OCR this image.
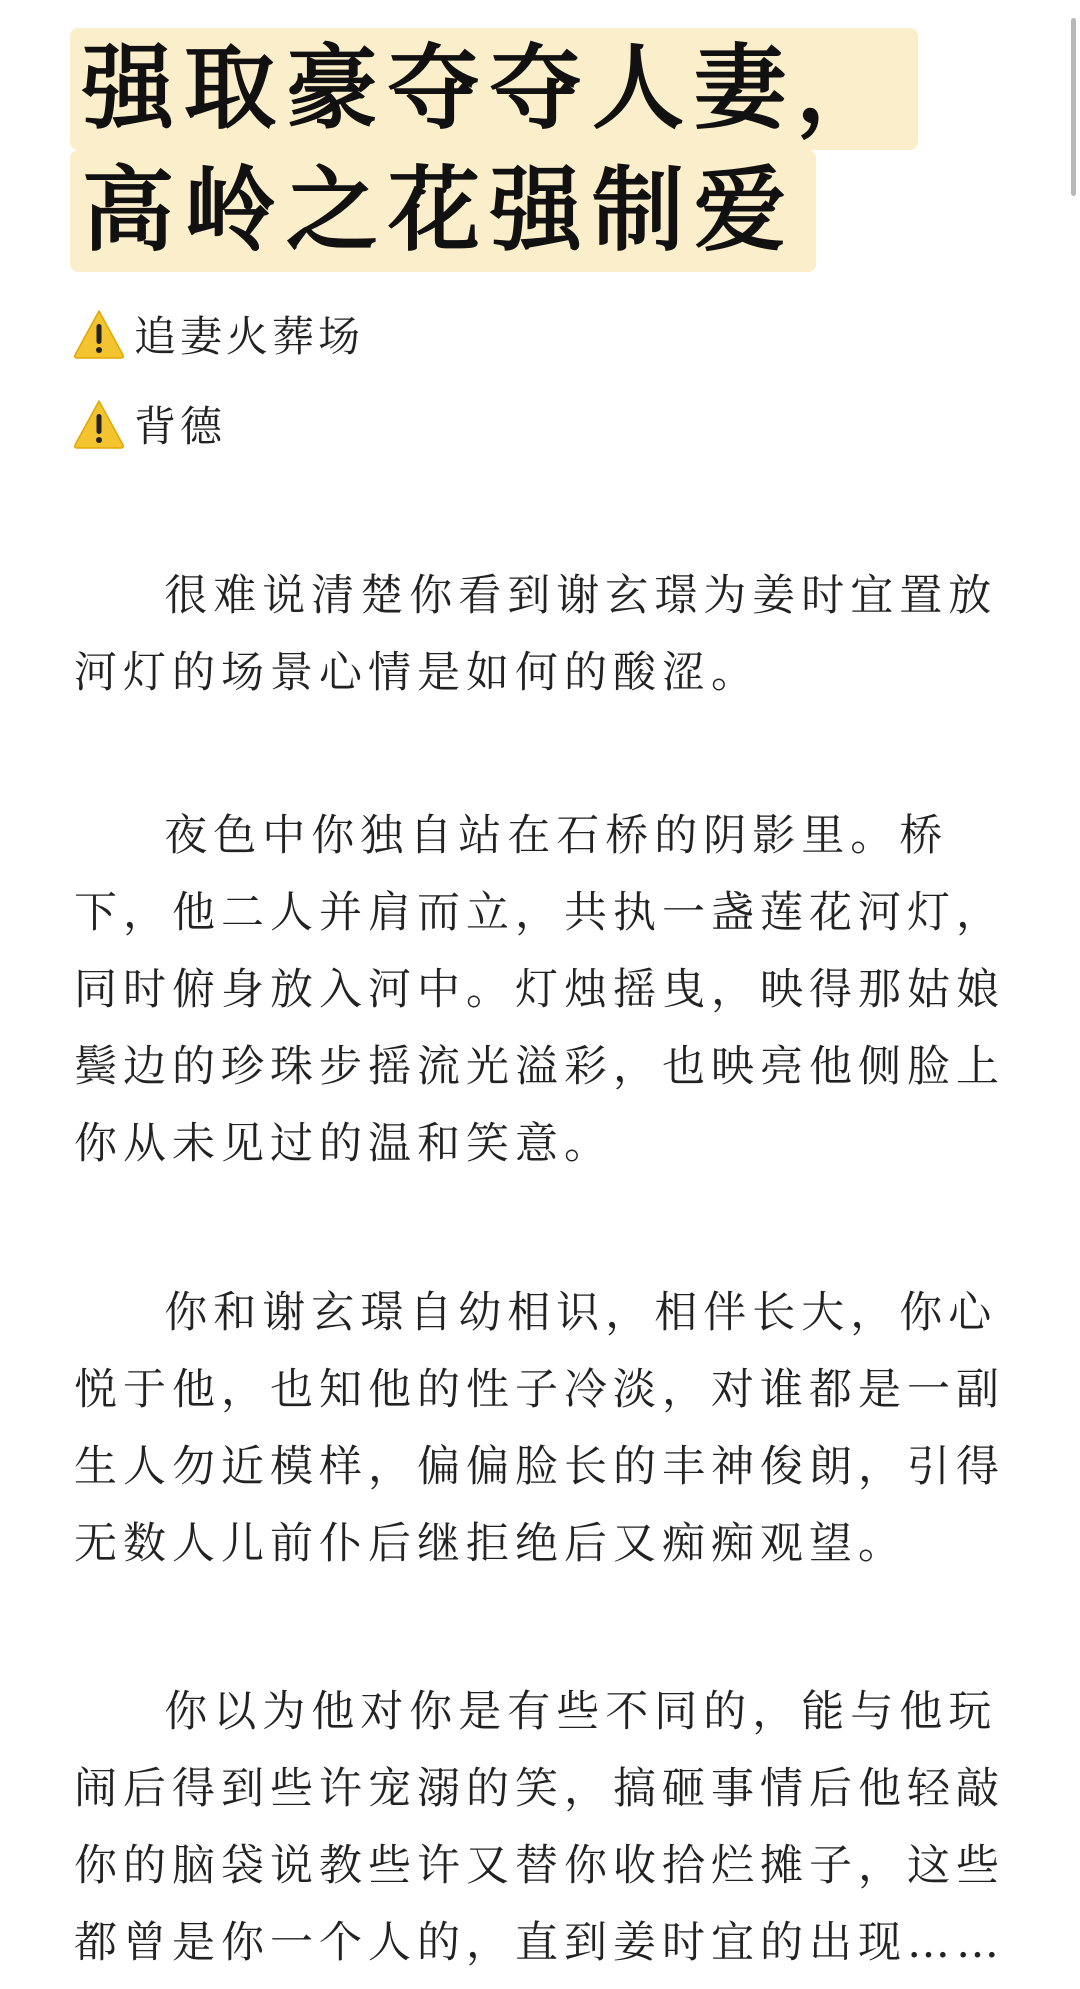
强取豪夺夺人妻，
高岭之花强制爱
追妻火葬场
背德

很难说清楚你看到谢玄璟为姜时宜置放河灯的场景心情是如何的酸涩。

夜色中你独自站在石桥的阴影里。桥下，他二人并肩而立，共执一盏莲花河灯，同时俯身放入河中。灯烛摇曳，映得那姑娘鬓边的珍珠步摇流光溢彩，也映亮他侧脸上你从未见过的温和笑意。

你和谢玄璟自幼相识，相伴长大，你心悦于他，也知他的性子冷淡，对谁都是一副生人勿近模样，偏偏脸长的丰神俊朗，引得无数人儿前仆后继拒绝后又痴痴观望。

你以为他对你是有些不同的，能与他玩闹后得到些许宠溺的笑，搞砸事情后他轻敲你的脑袋说教些许又替你收拾烂摊子，这些都曾是你一个人的，直到姜时宜的出现……
